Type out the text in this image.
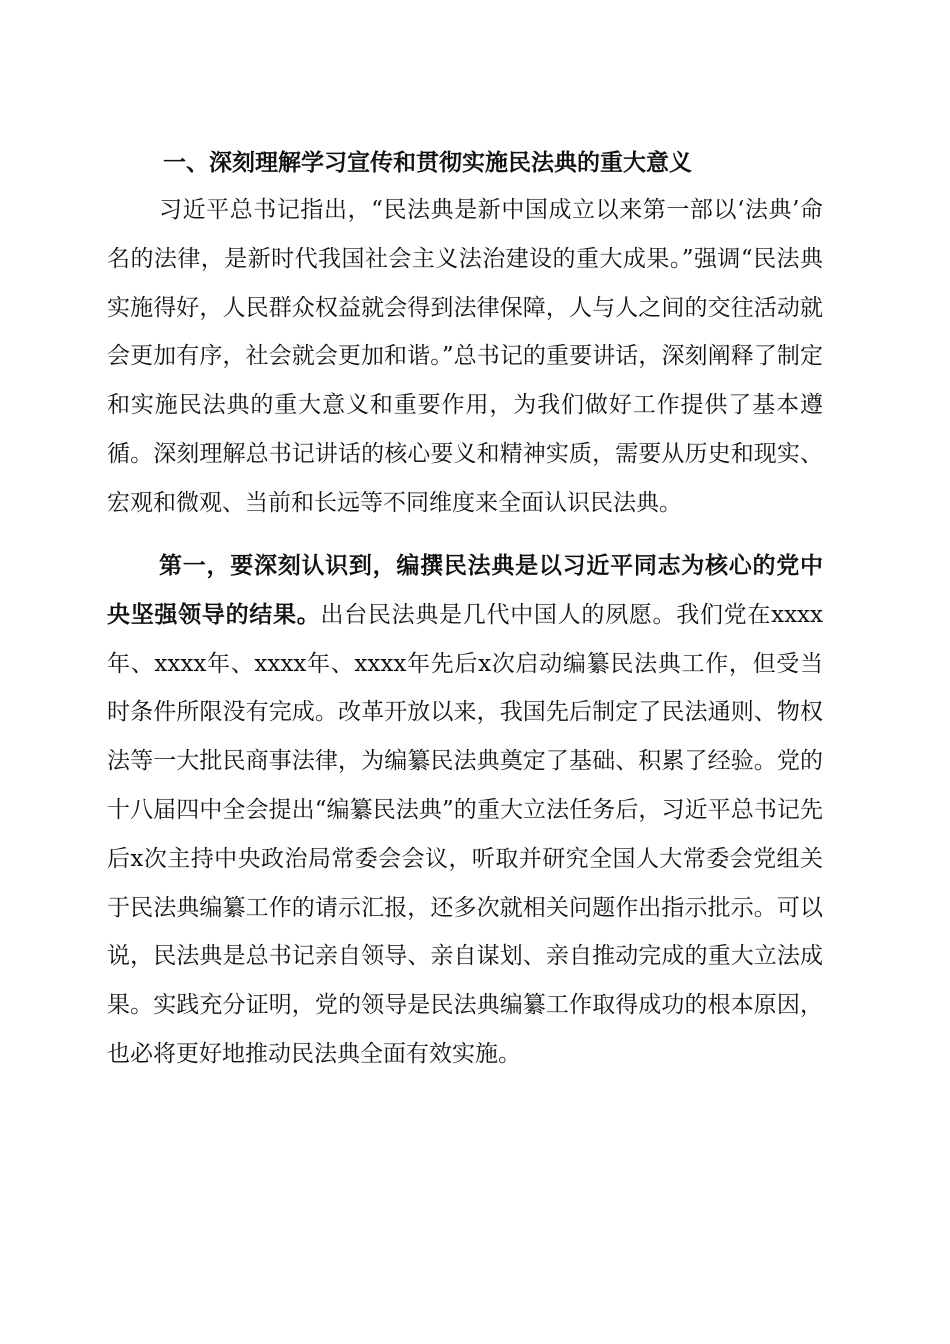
一、深刻理解学习宣传和贯彻实施民法典的重大意义

习近平总书记指出，“民法典是新中国成立以来第一部以‘法典’命名的法律，是新时代我国社会主义法治建设的重大成果。”强调“民法典实施得好，人民群众权益就会得到法律保障，人与人之间的交往活动就会更加有序，社会就会更加和谐。”总书记的重要讲话，深刻阐释了制定和实施民法典的重大意义和重要作用，为我们做好工作提供了基本遵循。深刻理解总书记讲话的核心要义和精神实质，需要从历史和现实、宏观和微观、当前和长远等不同维度来全面认识民法典。

第一，要深刻认识到，编撰民法典是以习近平同志为核心的党中央坚强领导的结果。出台民法典是几代中国人的夙愿。我们党在xxxx年、xxxx年、xxxx年、xxxx年先后x次启动编纂民法典工作，但受当时条件所限没有完成。改革开放以来，我国先后制定了民法通则、物权法等一大批民商事法律，为编纂民法典奠定了基础、积累了经验。党的十八届四中全会提出“编纂民法典”的重大立法任务后，习近平总书记先后x次主持中央政治局常委会会议，听取并研究全国人大常委会党组关于民法典编纂工作的请示汇报，还多次就相关问题作出指示批示。可以说，民法典是总书记亲自领导、亲自谋划、亲自推动完成的重大立法成果。实践充分证明，党的领导是民法典编纂工作取得成功的根本原因，也必将更好地推动民法典全面有效实施。
